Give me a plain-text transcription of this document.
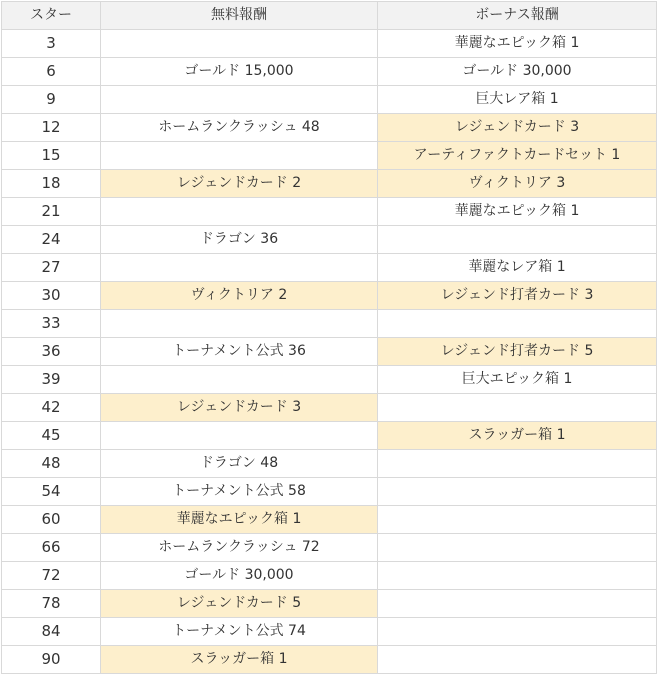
スター	無料報酬	ボーナス報酬
3		華麗なエピック箱 1
6	ゴールド 15,000	ゴールド 30,000
9		巨大レア箱 1
12	ホームランクラッシュ 48	レジェンドカード 3
15		アーティファクトカードセット 1
18	レジェンドカード 2	ヴィクトリア 3
21		華麗なエピック箱 1
24	ドラゴン 36	
27		華麗なレア箱 1
30	ヴィクトリア 2	レジェンド打者カード 3
33		
36	トーナメント公式 36	レジェンド打者カード 5
39		巨大エピック箱 1
42	レジェンドカード 3	
45		スラッガー箱 1
48	ドラゴン 48	
54	トーナメント公式 58	
60	華麗なエピック箱 1	
66	ホームランクラッシュ 72	
72	ゴールド 30,000	
78	レジェンドカード 5	
84	トーナメント公式 74	
90	スラッガー箱 1	
